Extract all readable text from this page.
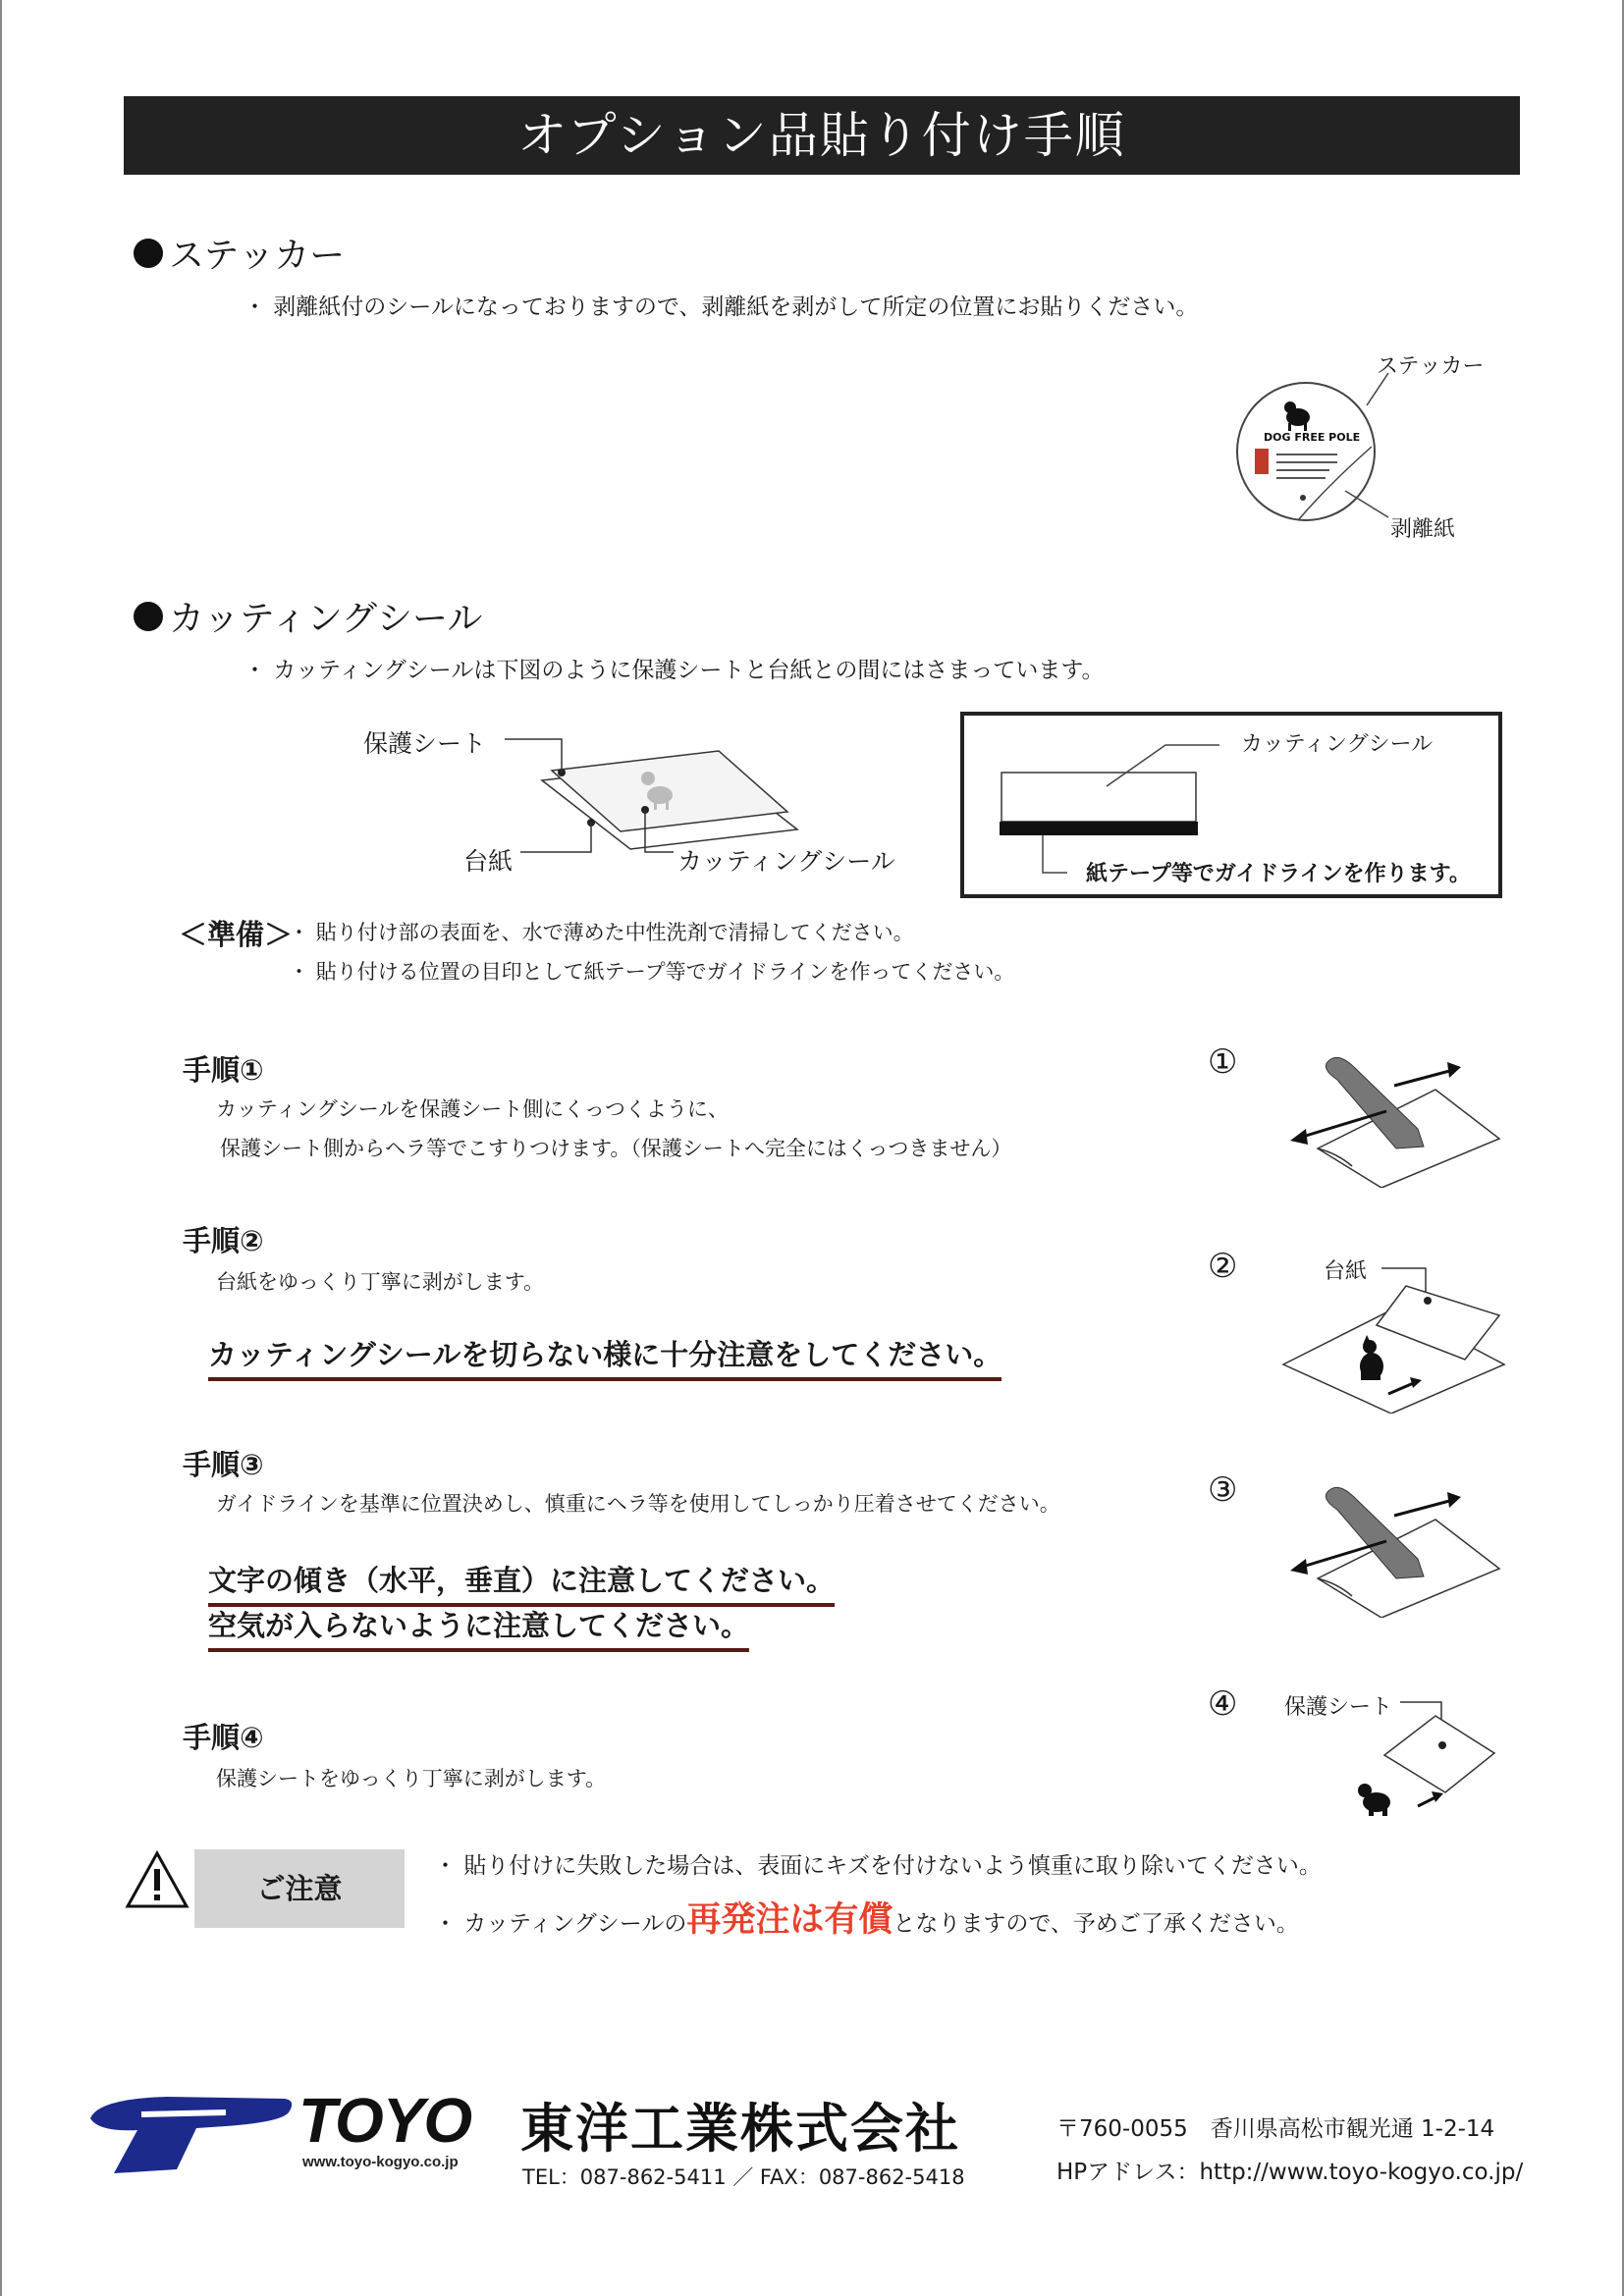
オプション品貼り付け手順
ステッカー
・ 剥離紙付のシールになっておりますので、剥離紙を剥がして所定の位置にお貼りください。
DOG FREE POLE
ステッカー
剥離紙
カッティングシール
・ カッティングシールは下図のように保護シートと台紙との間にはさまっています。
保護シート
台紙	カッティングシール
カッティングシール
紙テープ等でガイドラインを作ります。
＜準備＞
・ 貼り付け部の表面を、水で薄めた中性洗剤で清掃してください。
・ 貼り付ける位置の目印として紙テープ等でガイドラインを作ってください。
手順①
カッティングシールを保護シート側にくっつくように、
保護シート側からヘラ等でこすりつけます。（保護シートへ完全にはくっつきません）
①
手順②
台紙をゆっくり丁寧に剥がします。
カッティングシールを切らない様に十分注意をしてください。
②	台紙
手順③
ガイドラインを基準に位置決めし、慎重にヘラ等を使用してしっかり圧着させてください。
文字の傾き（水平，垂直）に注意してください。
空気が入らないように注意してください。
③
手順④
保護シートをゆっくり丁寧に剥がします。
④ 保護シート
ご注意
・ 貼り付けに失敗した場合は、表面にキズを付けないよう慎重に取り除いてください。
・ カッティングシールの再発注は有償となりますので、予めご了承ください。
TOYO
www.toyo-kogyo.co.jp
東洋工業株式会社
TEL：087-862-5411 ／ FAX：087-862-5418
〒760-0055　香川県高松市観光通 1-2-14
HPアドレス：http://www.toyo-kogyo.co.jp/
